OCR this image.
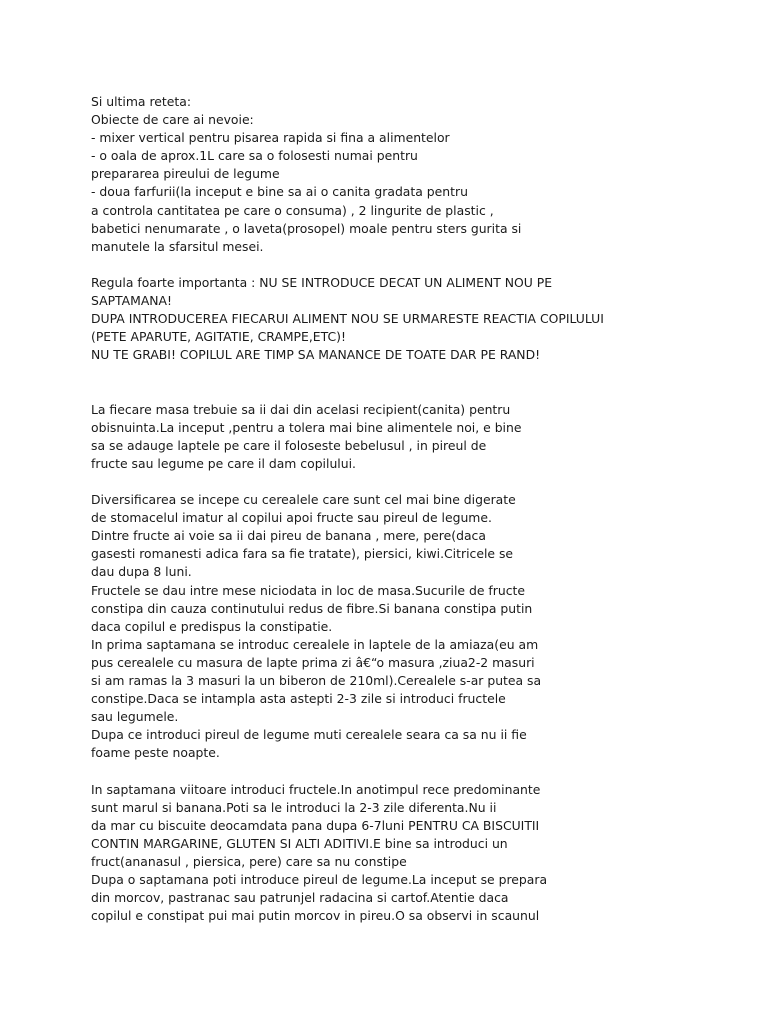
Si ultima reteta:
Obiecte de care ai nevoie:
- mixer vertical pentru pisarea rapida si fina a alimentelor
- o oala de aprox.1L care sa o folosesti numai pentru
prepararea pireului de legume
- doua farfurii(la inceput e bine sa ai o canita gradata pentru
a controla cantitatea pe care o consuma) , 2 lingurite de plastic ,
babetici nenumarate , o laveta(prosopel) moale pentru sters gurita si
manutele la sfarsitul mesei.
Regula foarte importanta : NU SE INTRODUCE DECAT UN ALIMENT NOU PE
SAPTAMANA!
DUPA INTRODUCEREA FIECARUI ALIMENT NOU SE URMARESTE REACTIA COPILULUI
(PETE APARUTE, AGITATIE, CRAMPE,ETC)!
NU TE GRABI! COPILUL ARE TIMP SA MANANCE DE TOATE DAR PE RAND!
La fiecare masa trebuie sa ii dai din acelasi recipient(canita) pentru
obisnuinta.La inceput ,pentru a tolera mai bine alimentele noi, e bine
sa se adauge laptele pe care il foloseste bebelusul , in pireul de
fructe sau legume pe care il dam copilului.
Diversificarea se incepe cu cerealele care sunt cel mai bine digerate
de stomacelul imatur al copilui apoi fructe sau pireul de legume.
Dintre fructe ai voie sa ii dai pireu de banana , mere, pere(daca
gasesti romanesti adica fara sa fie tratate), piersici, kiwi.Citricele se
dau dupa 8 luni.
Fructele se dau intre mese niciodata in loc de masa.Sucurile de fructe
constipa din cauza continutului redus de fibre.Si banana constipa putin
daca copilul e predispus la constipatie.
In prima saptamana se introduc cerealele in laptele de la amiaza(eu am
pus cerealele cu masura de lapte prima zi â€“o masura ,ziua2-2 masuri
si am ramas la 3 masuri la un biberon de 210ml).Cerealele s-ar putea sa
constipe.Daca se intampla asta astepti 2-3 zile si introduci fructele
sau legumele.
Dupa ce introduci pireul de legume muti cerealele seara ca sa nu ii fie
foame peste noapte.
In saptamana viitoare introduci fructele.In anotimpul rece predominante
sunt marul si banana.Poti sa le introduci la 2-3 zile diferenta.Nu ii
da mar cu biscuite deocamdata pana dupa 6-7luni PENTRU CA BISCUITII
CONTIN MARGARINE, GLUTEN SI ALTI ADITIVI.E bine sa introduci un
fruct(ananasul , piersica, pere) care sa nu constipe
Dupa o saptamana poti introduce pireul de legume.La inceput se prepara
din morcov, pastranac sau patrunjel radacina si cartof.Atentie daca
copilul e constipat pui mai putin morcov in pireu.O sa observi in scaunul
